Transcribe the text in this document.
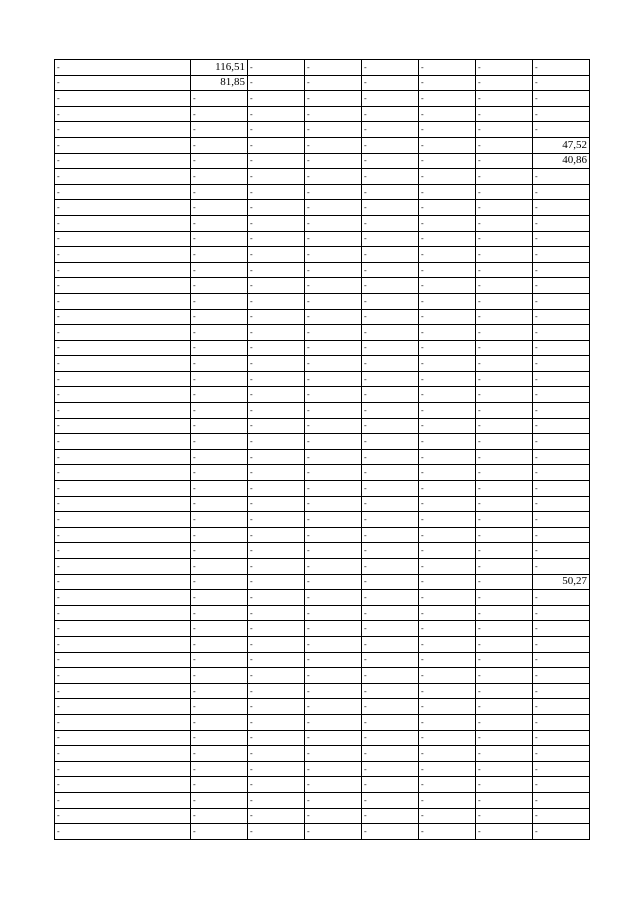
-	116,51	-	-	-	-	-	-
-	81,85	-	-	-	-	-	-
-	-	-	-	-	-	-	-
-	-	-	-	-	-	-	-
-	-	-	-	-	-	-	-
-	-	-	-	-	-	-	47,52
-	-	-	-	-	-	-	40,86
-	-	-	-	-	-	-	-
-	-	-	-	-	-	-	-
-	-	-	-	-	-	-	-
-	-	-	-	-	-	-	-
-	-	-	-	-	-	-	-
-	-	-	-	-	-	-	-
-	-	-	-	-	-	-	-
-	-	-	-	-	-	-	-
-	-	-	-	-	-	-	-
-	-	-	-	-	-	-	-
-	-	-	-	-	-	-	-
-	-	-	-	-	-	-	-
-	-	-	-	-	-	-	-
-	-	-	-	-	-	-	-
-	-	-	-	-	-	-	-
-	-	-	-	-	-	-	-
-	-	-	-	-	-	-	-
-	-	-	-	-	-	-	-
-	-	-	-	-	-	-	-
-	-	-	-	-	-	-	-
-	-	-	-	-	-	-	-
-	-	-	-	-	-	-	-
-	-	-	-	-	-	-	-
-	-	-	-	-	-	-	-
-	-	-	-	-	-	-	-
-	-	-	-	-	-	-	-
-	-	-	-	-	-	-	50,27
-	-	-	-	-	-	-	-
-	-	-	-	-	-	-	-
-	-	-	-	-	-	-	-
-	-	-	-	-	-	-	-
-	-	-	-	-	-	-	-
-	-	-	-	-	-	-	-
-	-	-	-	-	-	-	-
-	-	-	-	-	-	-	-
-	-	-	-	-	-	-	-
-	-	-	-	-	-	-	-
-	-	-	-	-	-	-	-
-	-	-	-	-	-	-	-
-	-	-	-	-	-	-	-
-	-	-	-	-	-	-	-
-	-	-	-	-	-	-	-
-	-	-	-	-	-	-	-
